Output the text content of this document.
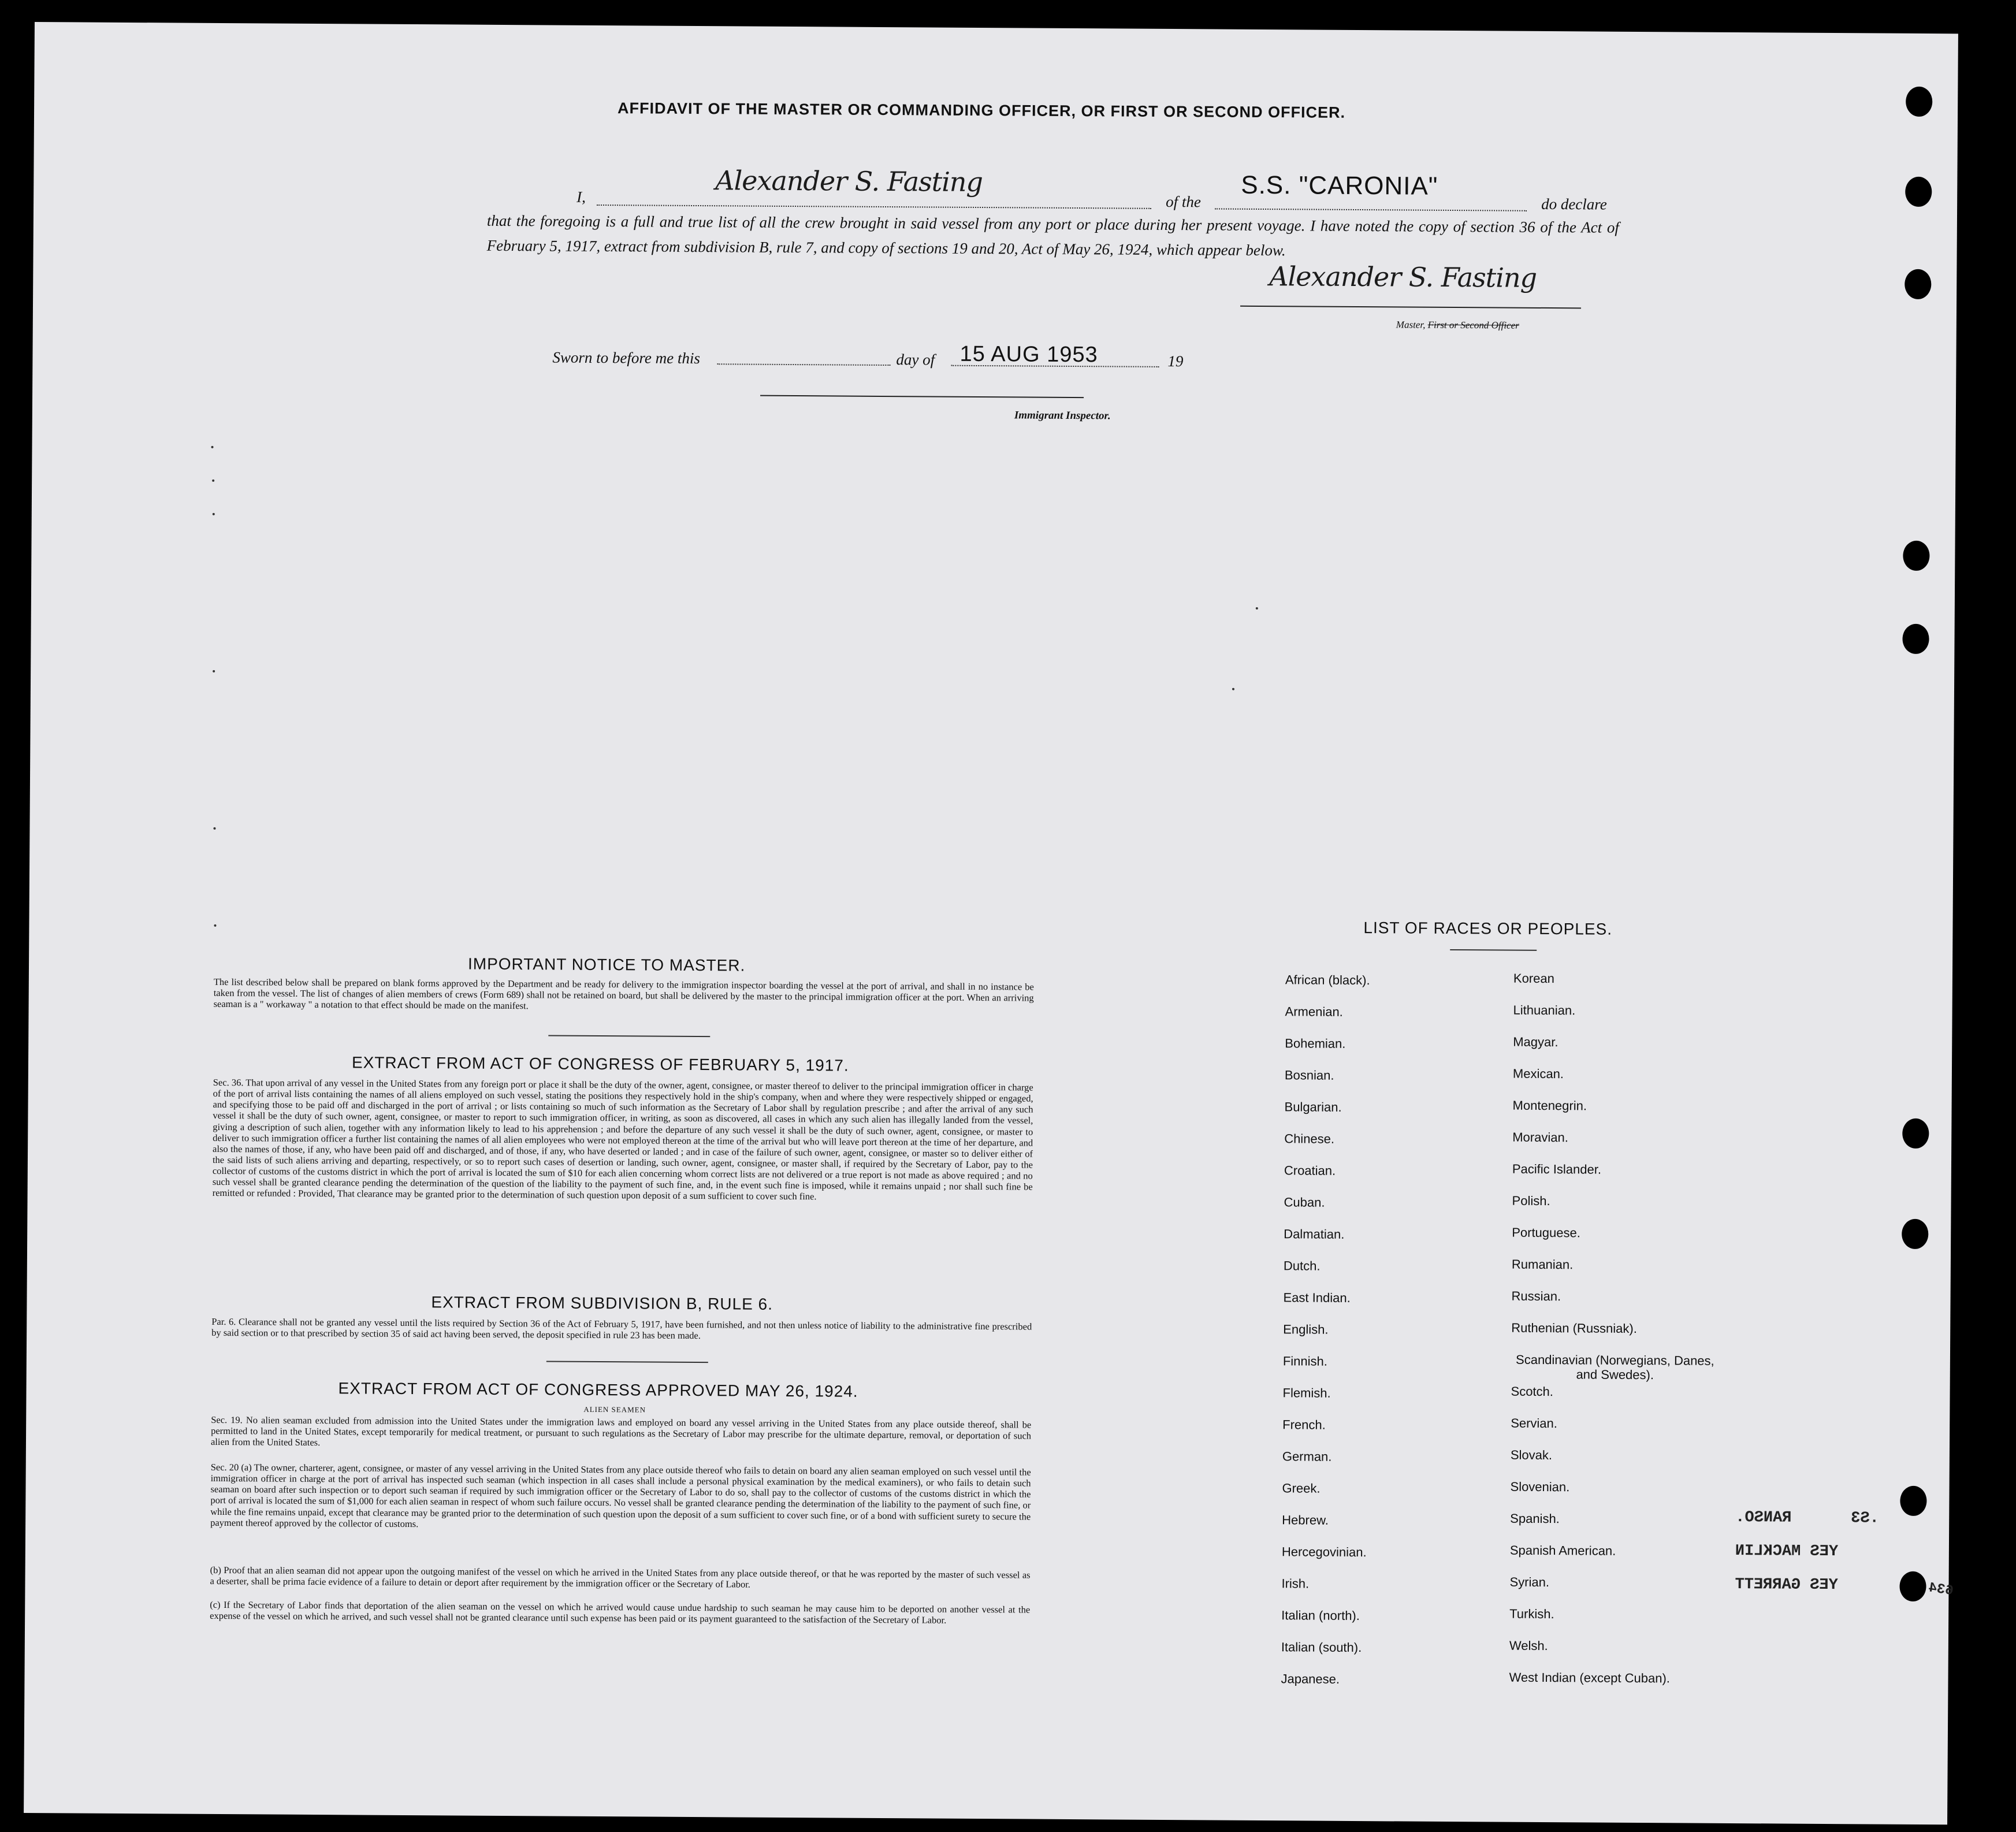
AFFIDAVIT OF THE MASTER OR COMMANDING OFFICER, OR FIRST OR SECOND OFFICER.
I,	Alexander S. Fasting
of the
S.S. "CARONIA"
do declare
that the foregoing is a full and true list of all the crew brought in said vessel from any port or place during her present voyage. I have noted the copy of section 36 of the Act of February 5, 1917, extract from subdivision B, rule 7, and copy of sections 19 and 20, Act of May 26, 1924, which appear below.
Alexander S. Fasting
Master, First or Second Officer
Sworn to before me this	day of 15 AUG 1953	19
Immigrant Inspector.
IMPORTANT NOTICE TO MASTER.
The list described below shall be prepared on blank forms approved by the Department and be ready for delivery to the immigration inspector boarding the vessel at the port of arrival, and shall in no instance be taken from the vessel. The list of changes of alien members of crews (Form 689) shall not be retained on board, but shall be delivered by the master to the principal immigration officer at the port. When an arriving seaman is a " workaway " a notation to that effect should be made on the manifest.
EXTRACT FROM ACT OF CONGRESS OF FEBRUARY 5, 1917.
Sec. 36. That upon arrival of any vessel in the United States from any foreign port or place it shall be the duty of the owner, agent, consignee, or master thereof to deliver to the principal immigration officer in charge of the port of arrival lists containing the names of all aliens employed on such vessel, stating the positions they respectively hold in the ship's company, when and where they were respectively shipped or engaged, and specifying those to be paid off and discharged in the port of arrival ; or lists containing so much of such information as the Secretary of Labor shall by regulation prescribe ; and after the arrival of any such vessel it shall be the duty of such owner, agent, consignee, or master to report to such immigration officer, in writing, as soon as discovered, all cases in which any such alien has illegally landed from the vessel, giving a description of such alien, together with any information likely to lead to his apprehension ; and before the departure of any such vessel it shall be the duty of such owner, agent, consignee, or master to deliver to such immigration officer a further list containing the names of all alien employees who were not employed thereon at the time of the arrival but who will leave port thereon at the time of her departure, and also the names of those, if any, who have been paid off and discharged, and of those, if any, who have deserted or landed ; and in case of the failure of such owner, agent, consignee, or master so to deliver either of the said lists of such aliens arriving and departing, respectively, or so to report such cases of desertion or landing, such owner, agent, consignee, or master shall, if required by the Secretary of Labor, pay to the collector of customs of the customs district in which the port of arrival is located the sum of $10 for each alien concerning whom correct lists are not delivered or a true report is not made as above required ; and no such vessel shall be granted clearance pending the determination of the question of the liability to the payment of such fine, and, in the event such fine is imposed, while it remains unpaid ; nor shall such fine be remitted or refunded : Provided, That clearance may be granted prior to the determination of such question upon deposit of a sum sufficient to cover such fine.
EXTRACT FROM SUBDIVISION B, RULE 6.
Par. 6. Clearance shall not be granted any vessel until the lists required by Section 36 of the Act of February 5, 1917, have been furnished, and not then unless notice of liability to the administrative fine prescribed by said section or to that prescribed by section 35 of said act having been served, the deposit specified in rule 23 has been made.
EXTRACT FROM ACT OF CONGRESS APPROVED MAY 26, 1924.
ALIEN SEAMEN
Sec. 19. No alien seaman excluded from admission into the United States under the immigration laws and employed on board any vessel arriving in the United States from any place outside thereof, shall be permitted to land in the United States, except temporarily for medical treatment, or pursuant to such regulations as the Secretary of Labor may prescribe for the ultimate departure, removal, or deportation of such alien from the United States.
Sec. 20 (a) The owner, charterer, agent, consignee, or master of any vessel arriving in the United States from any place outside thereof who fails to detain on board any alien seaman employed on such vessel until the immigration officer in charge at the port of arrival has inspected such seaman (which inspection in all cases shall include a personal physical examination by the medical examiners), or who fails to detain such seaman on board after such inspection or to deport such seaman if required by such immigration officer or the Secretary of Labor to do so, shall pay to the collector of customs of the customs district in which the port of arrival is located the sum of $1,000 for each alien seaman in respect of whom such failure occurs. No vessel shall be granted clearance pending the determination of the liability to the payment of such fine, or while the fine remains unpaid, except that clearance may be granted prior to the determination of such question upon the deposit of a sum sufficient to cover such fine, or of a bond with sufficient surety to secure the payment thereof approved by the collector of customs.
(b) Proof that an alien seaman did not appear upon the outgoing manifest of the vessel on which he arrived in the United States from any place outside thereof, or that he was reported by the master of such vessel as a deserter, shall be prima facie evidence of a failure to detain or deport after requirement by the immigration officer or the Secretary of Labor.
(c) If the Secretary of Labor finds that deportation of the alien seaman on the vessel on which he arrived would cause undue hardship to such seaman he may cause him to be deported on another vessel at the expense of the vessel on which he arrived, and such vessel shall not be granted clearance until such expense has been paid or its payment guaranteed to the satisfaction of the Secretary of Labor.
LIST OF RACES OR PEOPLES.
African (black).
Armenian.
Bohemian.
Bosnian.
Bulgarian.
Chinese.
Croatian.
Cuban.
Dalmatian.
Dutch.
East Indian.
English.
Finnish.
Flemish.
French.
German.
Greek.
Hebrew.
Hercegovinian.
Irish.
Italian (north).
Italian (south).
Japanese.
Korean
Lithuanian.
Magyar.
Mexican.
Montenegrin.
Moravian.
Pacific Islander.
Polish.
Portuguese.
Rumanian.
Russian.
Ruthenian (Russniak).
Scandinavian (Norwegians, Danes, and Swedes).
Scotch.
Servian.
Slovak.
Slovenian.
Spanish.
Spanish American.
Syrian.
Turkish.
Welsh.
West Indian (except Cuban).
RANSO.	.S3
YES MACKLIN
YES GARRETT	634
